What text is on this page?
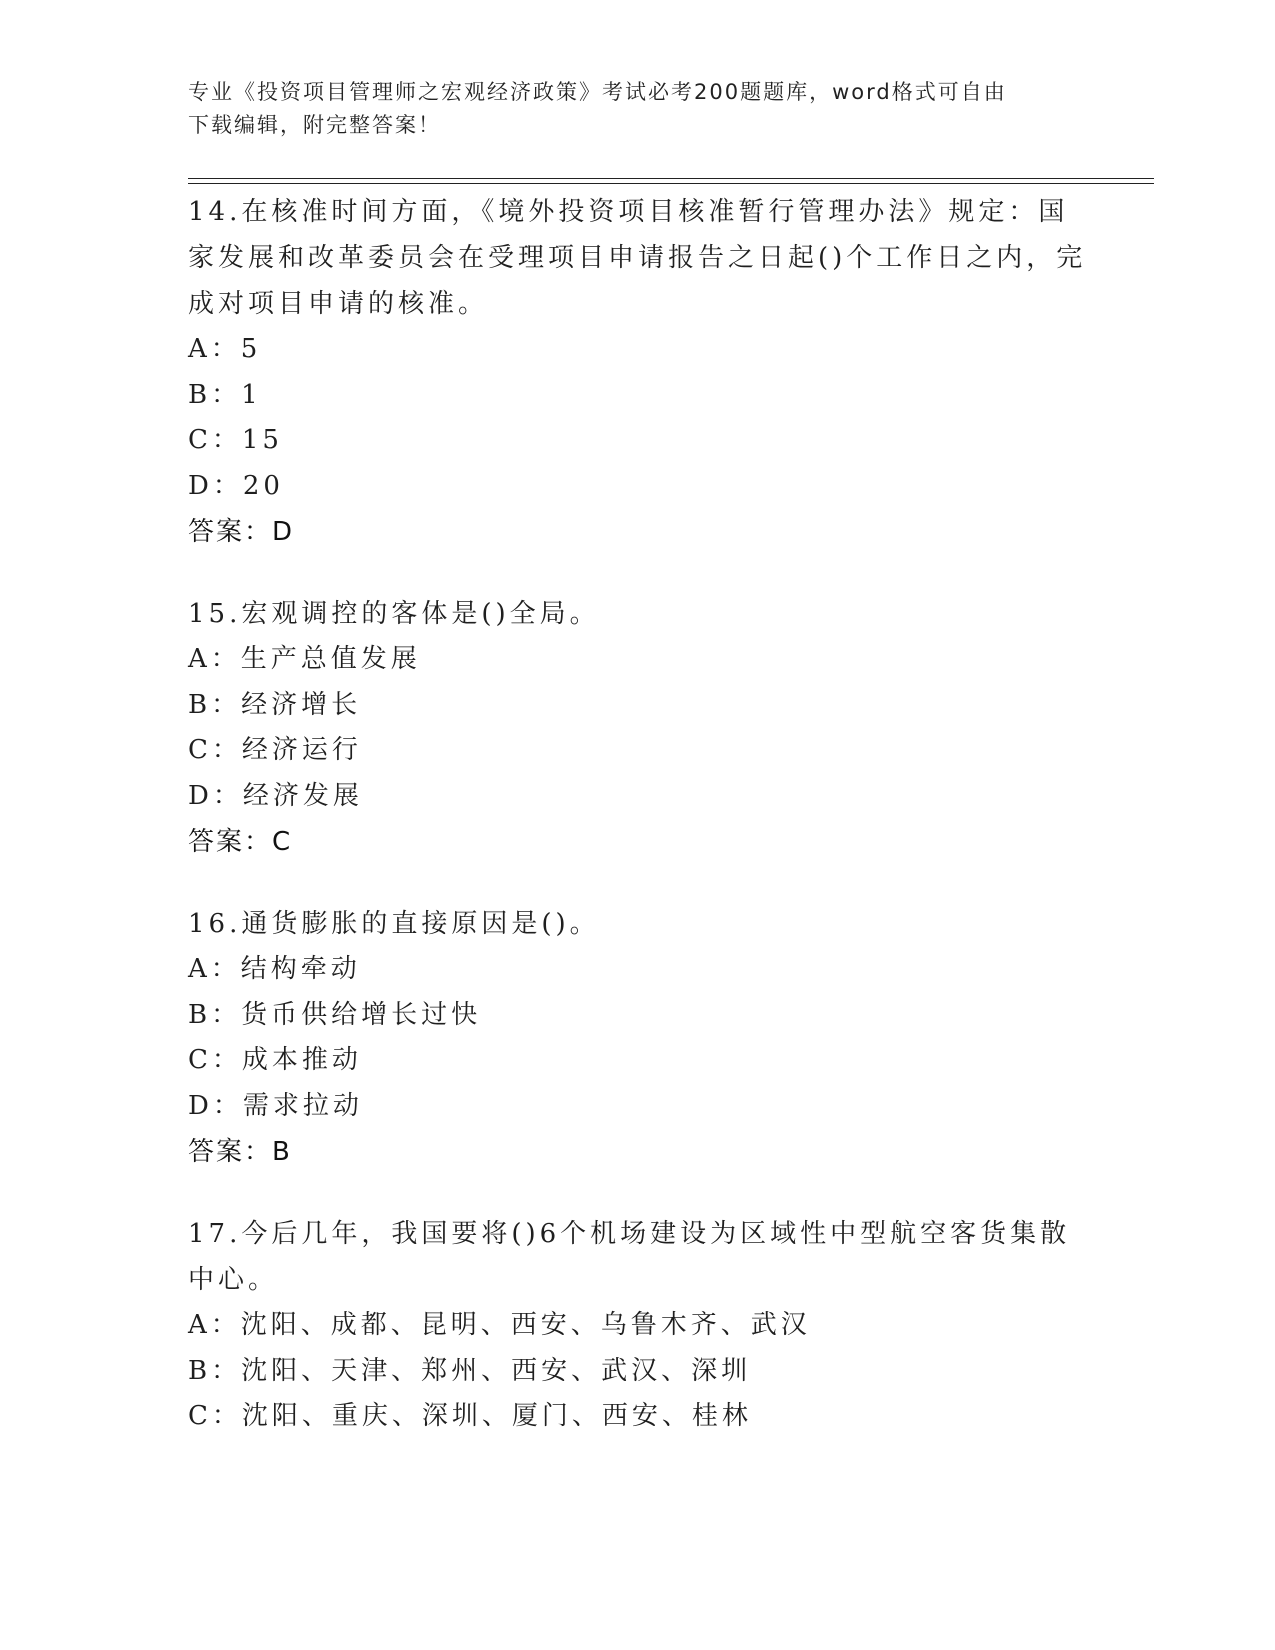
专业《投资项目管理师之宏观经济政策》考试必考200题题库，word格式可自由
下载编辑，附完整答案！
14.在核准时间方面，《境外投资项目核准暂行管理办法》规定：国家发展和改革委员会在受理项目申请报告之日起()个工作日之内，完成对项目申请的核准。
A：5
B：1
C：15
D：20
答案：D
15.宏观调控的客体是()全局。
A：生产总值发展
B：经济增长
C：经济运行
D：经济发展
答案：C
16.通货膨胀的直接原因是()。
A：结构牵动
B：货币供给增长过快
C：成本推动
D：需求拉动
答案：B
17.今后几年，我国要将()6个机场建设为区域性中型航空客货集散中心。
A：沈阳、成都、昆明、西安、乌鲁木齐、武汉
B：沈阳、天津、郑州、西安、武汉、深圳
C：沈阳、重庆、深圳、厦门、西安、桂林
